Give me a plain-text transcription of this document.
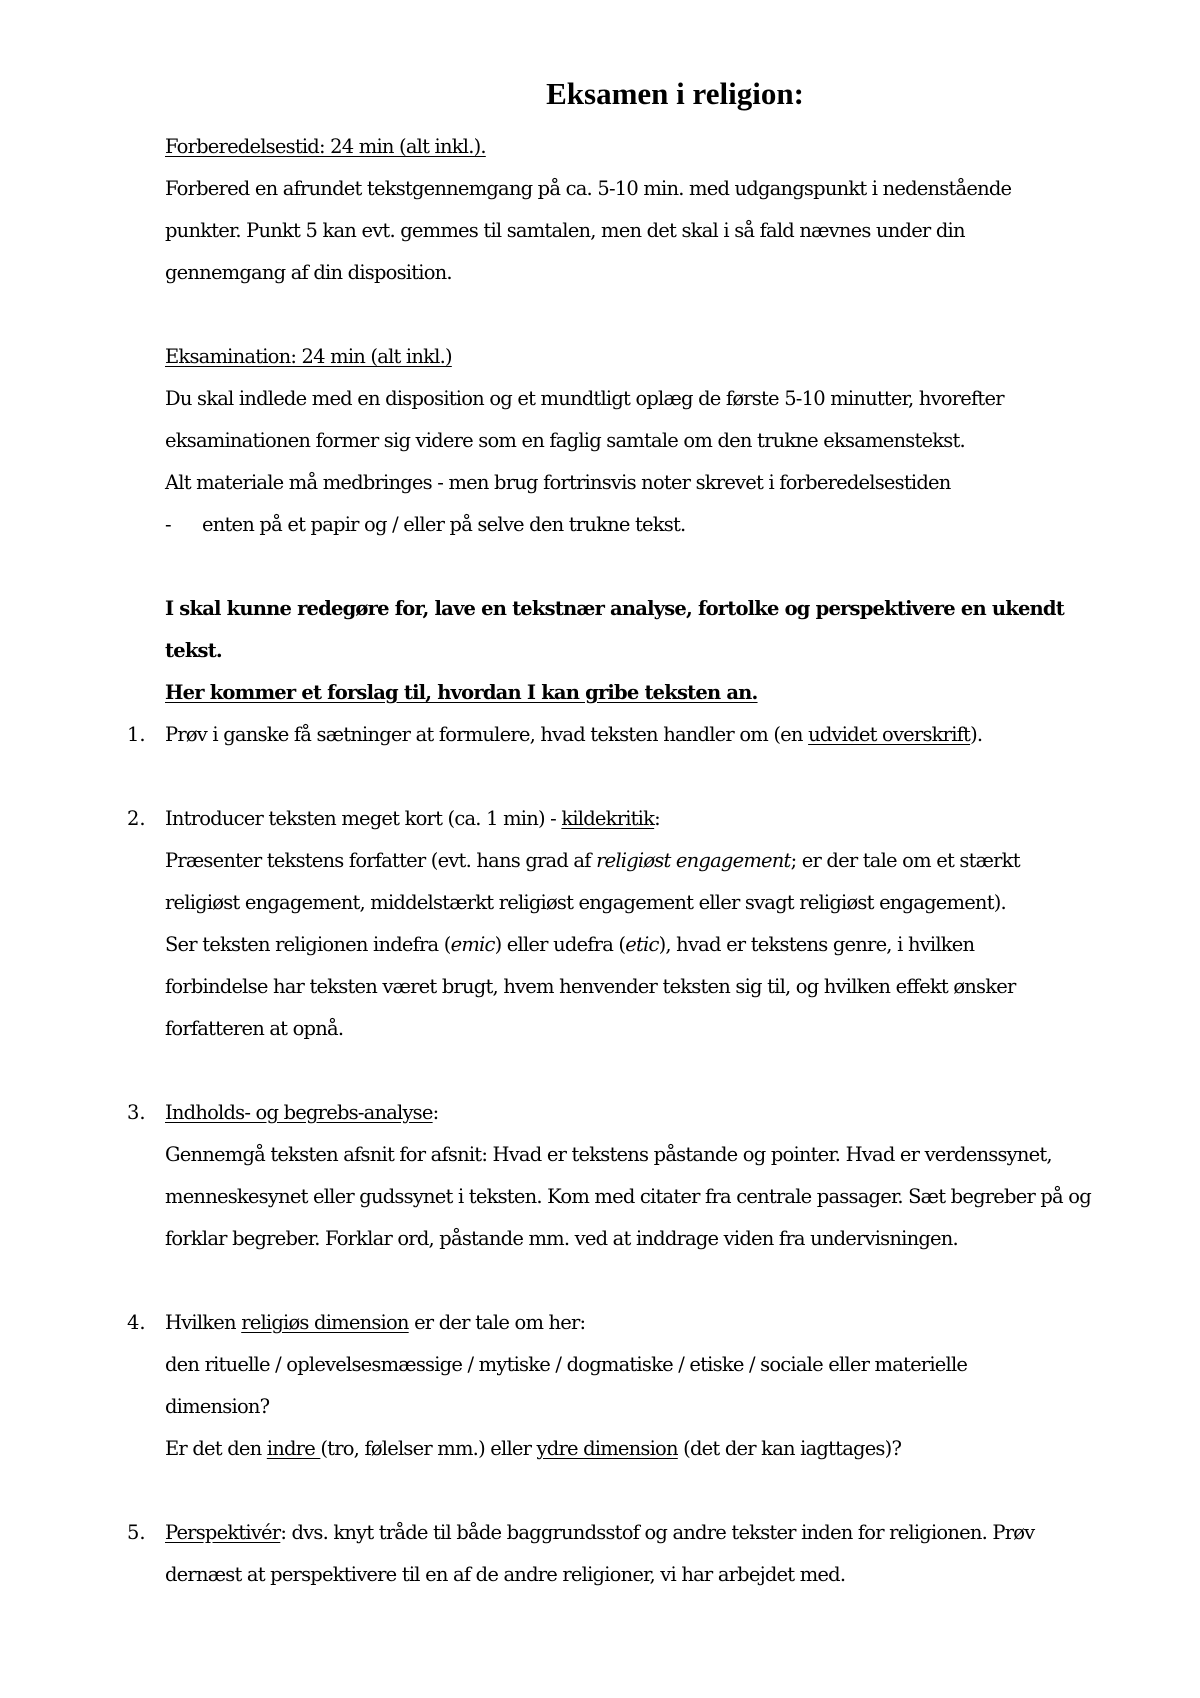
Eksamen i religion:
Forberedelsestid: 24 min (alt inkl.).
Forbered en afrundet tekstgennemgang på ca. 5-10 min. med udgangspunkt i nedenstående
punkter. Punkt 5 kan evt. gemmes til samtalen, men det skal i så fald nævnes under din
gennemgang af din disposition.
Eksamination: 24 min (alt inkl.)
Du skal indlede med en disposition og et mundtligt oplæg de første 5-10 minutter, hvorefter
eksaminationen former sig videre som en faglig samtale om den trukne eksamenstekst.
Alt materiale må medbringes - men brug fortrinsvis noter skrevet i forberedelsestiden
- enten på et papir og / eller på selve den trukne tekst.
I skal kunne redegøre for, lave en tekstnær analyse, fortolke og perspektivere en ukendt
tekst.
Her kommer et forslag til, hvordan I kan gribe teksten an.
1. Prøv i ganske få sætninger at formulere, hvad teksten handler om (en udvidet overskrift).
2. Introducer teksten meget kort (ca. 1 min) - kildekritik:
Præsenter tekstens forfatter (evt. hans grad af religiøst engagement; er der tale om et stærkt
religiøst engagement, middelstærkt religiøst engagement eller svagt religiøst engagement).
Ser teksten religionen indefra (emic) eller udefra (etic), hvad er tekstens genre, i hvilken
forbindelse har teksten været brugt, hvem henvender teksten sig til, og hvilken effekt ønsker
forfatteren at opnå.
3. Indholds- og begrebs-analyse:
Gennemgå teksten afsnit for afsnit: Hvad er tekstens påstande og pointer. Hvad er verdenssynet,
menneskesynet eller gudssynet i teksten. Kom med citater fra centrale passager. Sæt begreber på og
forklar begreber. Forklar ord, påstande mm. ved at inddrage viden fra undervisningen.
4. Hvilken religiøs dimension er der tale om her:
den rituelle / oplevelsesmæssige / mytiske / dogmatiske / etiske / sociale eller materielle
dimension?
Er det den indre (tro, følelser mm.) eller ydre dimension (det der kan iagttages)?
5. Perspektivér: dvs. knyt tråde til både baggrundsstof og andre tekster inden for religionen. Prøv
dernæst at perspektivere til en af de andre religioner, vi har arbejdet med.
